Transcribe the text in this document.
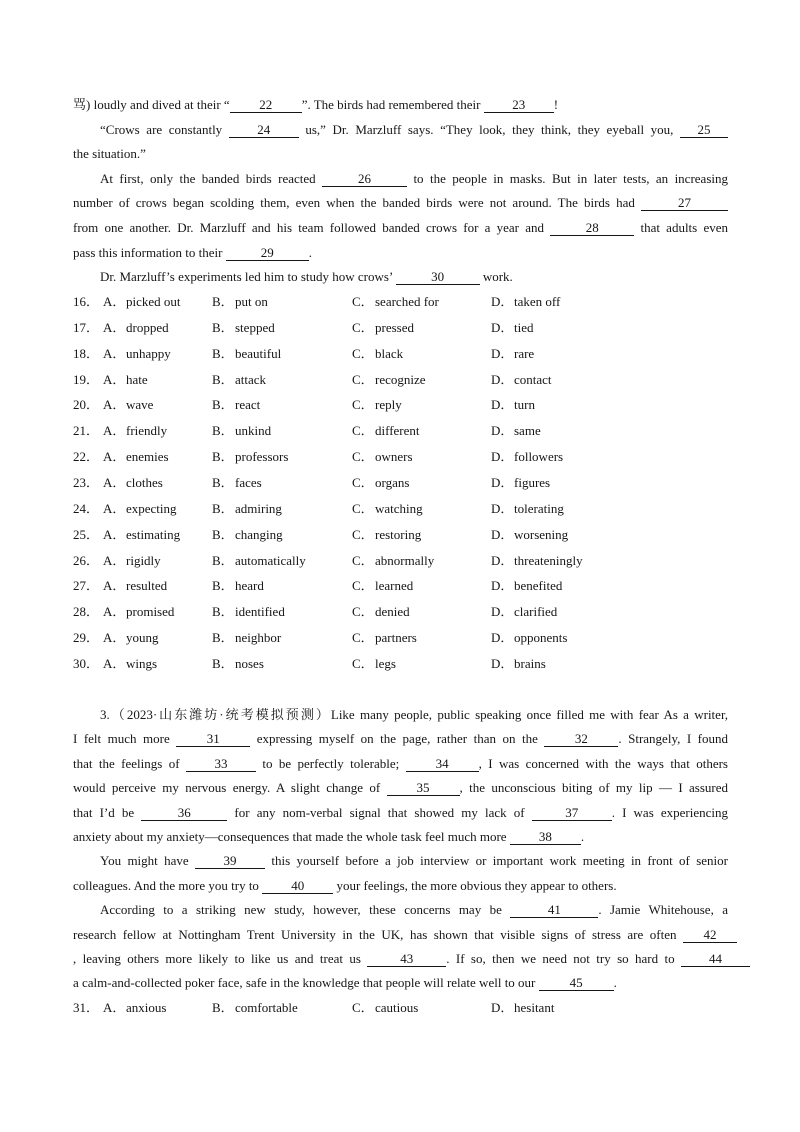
骂) loudly and dived at their “ 22 ”. The birds had remembered their 23 !
“Crows are constantly 24 us,” Dr. Marzluff says. “They look, they think, they eyeball you, 25
the situation.”
At first, only the banded birds reacted	26	to the people in masks. But in later tests, an increasing
number of crows began scolding them, even when the banded birds were not around. The birds had	27
from one another. Dr. Marzluff and his team followed banded crows for a year and	28	that adults even
pass this information to their	29	.
Dr. Marzluff’s experiments led him to study how crows’	30	work.
16． A．picked out B．put on	C．searched for	D．taken off
17． A．dropped	B．stepped	C．pressed	D．tied
18． A．unhappy	B．beautiful	C．black	D．rare
19． A．hate	B．attack	C．recognize	D．contact
20． A．wave	B．react	C．reply	D．turn
21． A．friendly	B．unkind	C．different	D．same
22． A．enemies	B．professors	C．owners	D．followers
23． A．clothes	B．faces	C．organs	D．figures
24． A．expecting	B．admiring	C．watching	D．tolerating
25． A．estimating B．changing	C．restoring	D．worsening
26． A．rigidly	B．automatically	C．abnormally	D．threateningly
27． A．resulted	B．heard	C．learned	D．benefited
28． A．promised	B．identified	C．denied	D．clarified
29． A．young	B．neighbor	C．partners	D．opponents
30． A．wings	B．noses	C．legs	D．brains
3.（2023·山东潍坊·统考模拟预测）Like many people, public speaking once filled me with fear As a writer,
I felt much more 31 expressing myself on the page, rather than on the 32 . Strangely, I found
that the feelings of 33 to be perfectly tolerable; 34 , I was concerned with the ways that others
would perceive my nervous energy. A slight change of 35 , the unconscious biting of my lip — I assured
that I’d be	36	for any nom-verbal signal that showed my lack of	37	. I was experiencing
anxiety about my anxiety—consequences that made the whole task feel much more 38 .
You might have 39 this yourself before a job interview or important work meeting in front of senior
colleagues. And the more you try to 40 your feelings, the more obvious they appear to others.
According to a striking new study, however, these concerns may be	41	. Jamie Whitehouse, a
research fellow at Nottingham Trent University in the UK, has shown that visible signs of stress are often 42
, leaving others more likely to like us and treat us	43	. If so, then we need not try so hard to 44
a calm-and-collected poker face, safe in the knowledge that people will relate well to our 45 .
31． A．anxious	B．comfortable	C．cautious	D．hesitant
